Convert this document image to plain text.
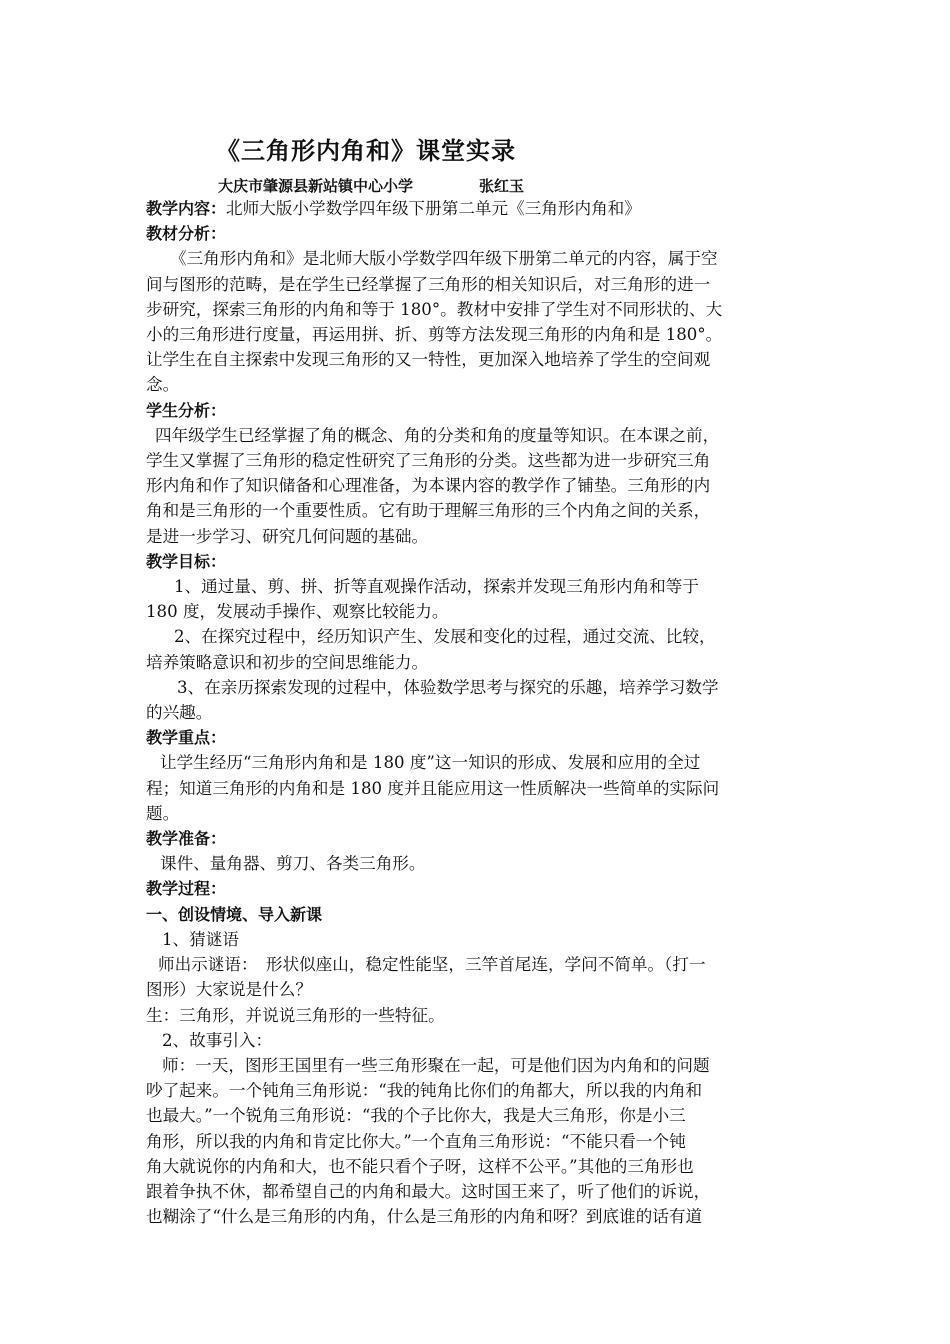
《三角形内角和》课堂实录
大庆市肇源县新站镇中心小学	张红玉

教学内容：北师大版小学数学四年级下册第二单元《三角形内角和》

教材分析：

《三角形内角和》是北师大版小学数学四年级下册第二单元的内容，属于空

间与图形的范畴，是在学生已经掌握了三角形的相关知识后，对三角形的进一

步研究，探索三角形的内角和等于 180°。教材中安排了学生对不同形状的、大

小的三角形进行度量，再运用拼、折、剪等方法发现三角形的内角和是 180°。

让学生在自主探索中发现三角形的又一特性，更加深入地培养了学生的空间观

念。

学生分析：

四年级学生已经掌握了角的概念、角的分类和角的度量等知识。在本课之前，

学生又掌握了三角形的稳定性研究了三角形的分类。这些都为进一步研究三角

形内角和作了知识储备和心理准备，为本课内容的教学作了铺垫。三角形的内

角和是三角形的一个重要性质。它有助于理解三角形的三个内角之间的关系，

是进一步学习、研究几何问题的基础。

教学目标：

1、通过量、剪、拼、折等直观操作活动，探索并发现三角形内角和等于

180 度，发展动手操作、观察比较能力。

2、在探究过程中，经历知识产生、发展和变化的过程，通过交流、比较，

培养策略意识和初步的空间思维能力。

3、在亲历探索发现的过程中，体验数学思考与探究的乐趣，培养学习数学

的兴趣。

教学重点：

让学生经历“三角形内角和是 180 度”这一知识的形成、发展和应用的全过

程；知道三角形的内角和是 180 度并且能应用这一性质解决一些简单的实际问

题。

教学准备：

课件、量角器、剪刀、各类三角形。

教学过程：

一、创设情境、导入新课

1、猜谜语

师出示谜语：　形状似座山，稳定性能坚，三竿首尾连，学问不简单。（打一

图形）大家说是什么？

生：三角形，并说说三角形的一些特征。

2、故事引入：

师：一天，图形王国里有一些三角形聚在一起，可是他们因为内角和的问题

吵了起来。一个钝角三角形说：“我的钝角比你们的角都大，所以我的内角和

也最大。”一个锐角三角形说：“我的个子比你大，我是大三角形，你是小三

角形，所以我的内角和肯定比你大。”一个直角三角形说：“不能只看一个钝

角大就说你的内角和大，也不能只看个子呀，这样不公平。”其他的三角形也

跟着争执不休，都希望自己的内角和最大。这时国王来了，听了他们的诉说，

也糊涂了“什么是三角形的内角，什么是三角形的内角和呀？到底谁的话有道
